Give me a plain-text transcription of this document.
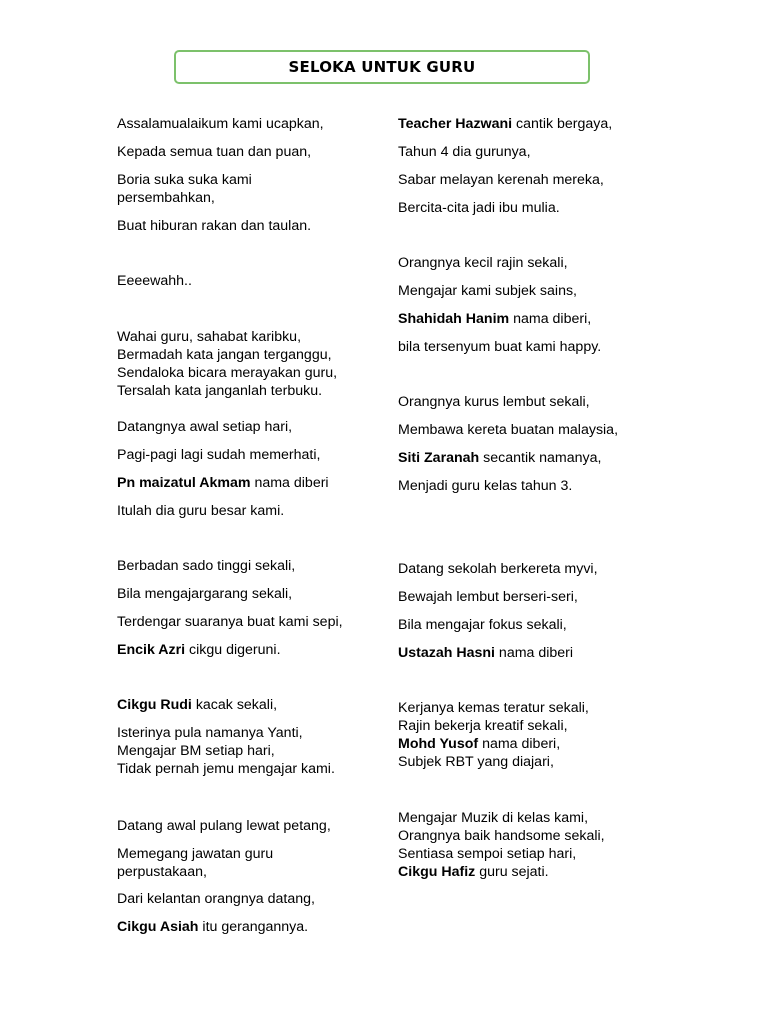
SELOKA UNTUK GURU
Assalamualaikum kami ucapkan,
Kepada semua tuan dan puan,
Boria suka suka kami
persembahkan,
Buat hiburan rakan dan taulan.
Eeeewahh..
Wahai guru, sahabat karibku,
Bermadah kata jangan terganggu,
Sendaloka bicara merayakan guru,
Tersalah kata janganlah terbuku.
Datangnya awal setiap hari,
Pagi-pagi lagi sudah memerhati,
Pn maizatul Akmam nama diberi
Itulah dia guru besar kami.
Berbadan sado tinggi sekali,
Bila mengajargarang sekali,
Terdengar suaranya buat kami sepi,
Encik Azri cikgu digeruni.
Cikgu Rudi kacak sekali,
Isterinya pula namanya Yanti,
Mengajar BM setiap hari,
Tidak pernah jemu mengajar kami.
Datang awal pulang lewat petang,
Memegang jawatan guru
perpustakaan,
Dari kelantan orangnya datang,
Cikgu Asiah itu gerangannya.
Teacher Hazwani cantik bergaya,
Tahun 4 dia gurunya,
Sabar melayan kerenah mereka,
Bercita-cita jadi ibu mulia.
Orangnya kecil rajin sekali,
Mengajar kami subjek sains,
Shahidah Hanim nama diberi,
bila tersenyum buat kami happy.
Orangnya kurus lembut sekali,
Membawa kereta buatan malaysia,
Siti Zaranah secantik namanya,
Menjadi guru kelas tahun 3.
Datang sekolah berkereta myvi,
Bewajah lembut berseri-seri,
Bila mengajar fokus sekali,
Ustazah Hasni nama diberi
Kerjanya kemas teratur sekali,
Rajin bekerja kreatif sekali,
Mohd Yusof nama diberi,
Subjek RBT yang diajari,
Mengajar Muzik di kelas kami,
Orangnya baik handsome sekali,
Sentiasa sempoi setiap hari,
Cikgu Hafiz guru sejati.
